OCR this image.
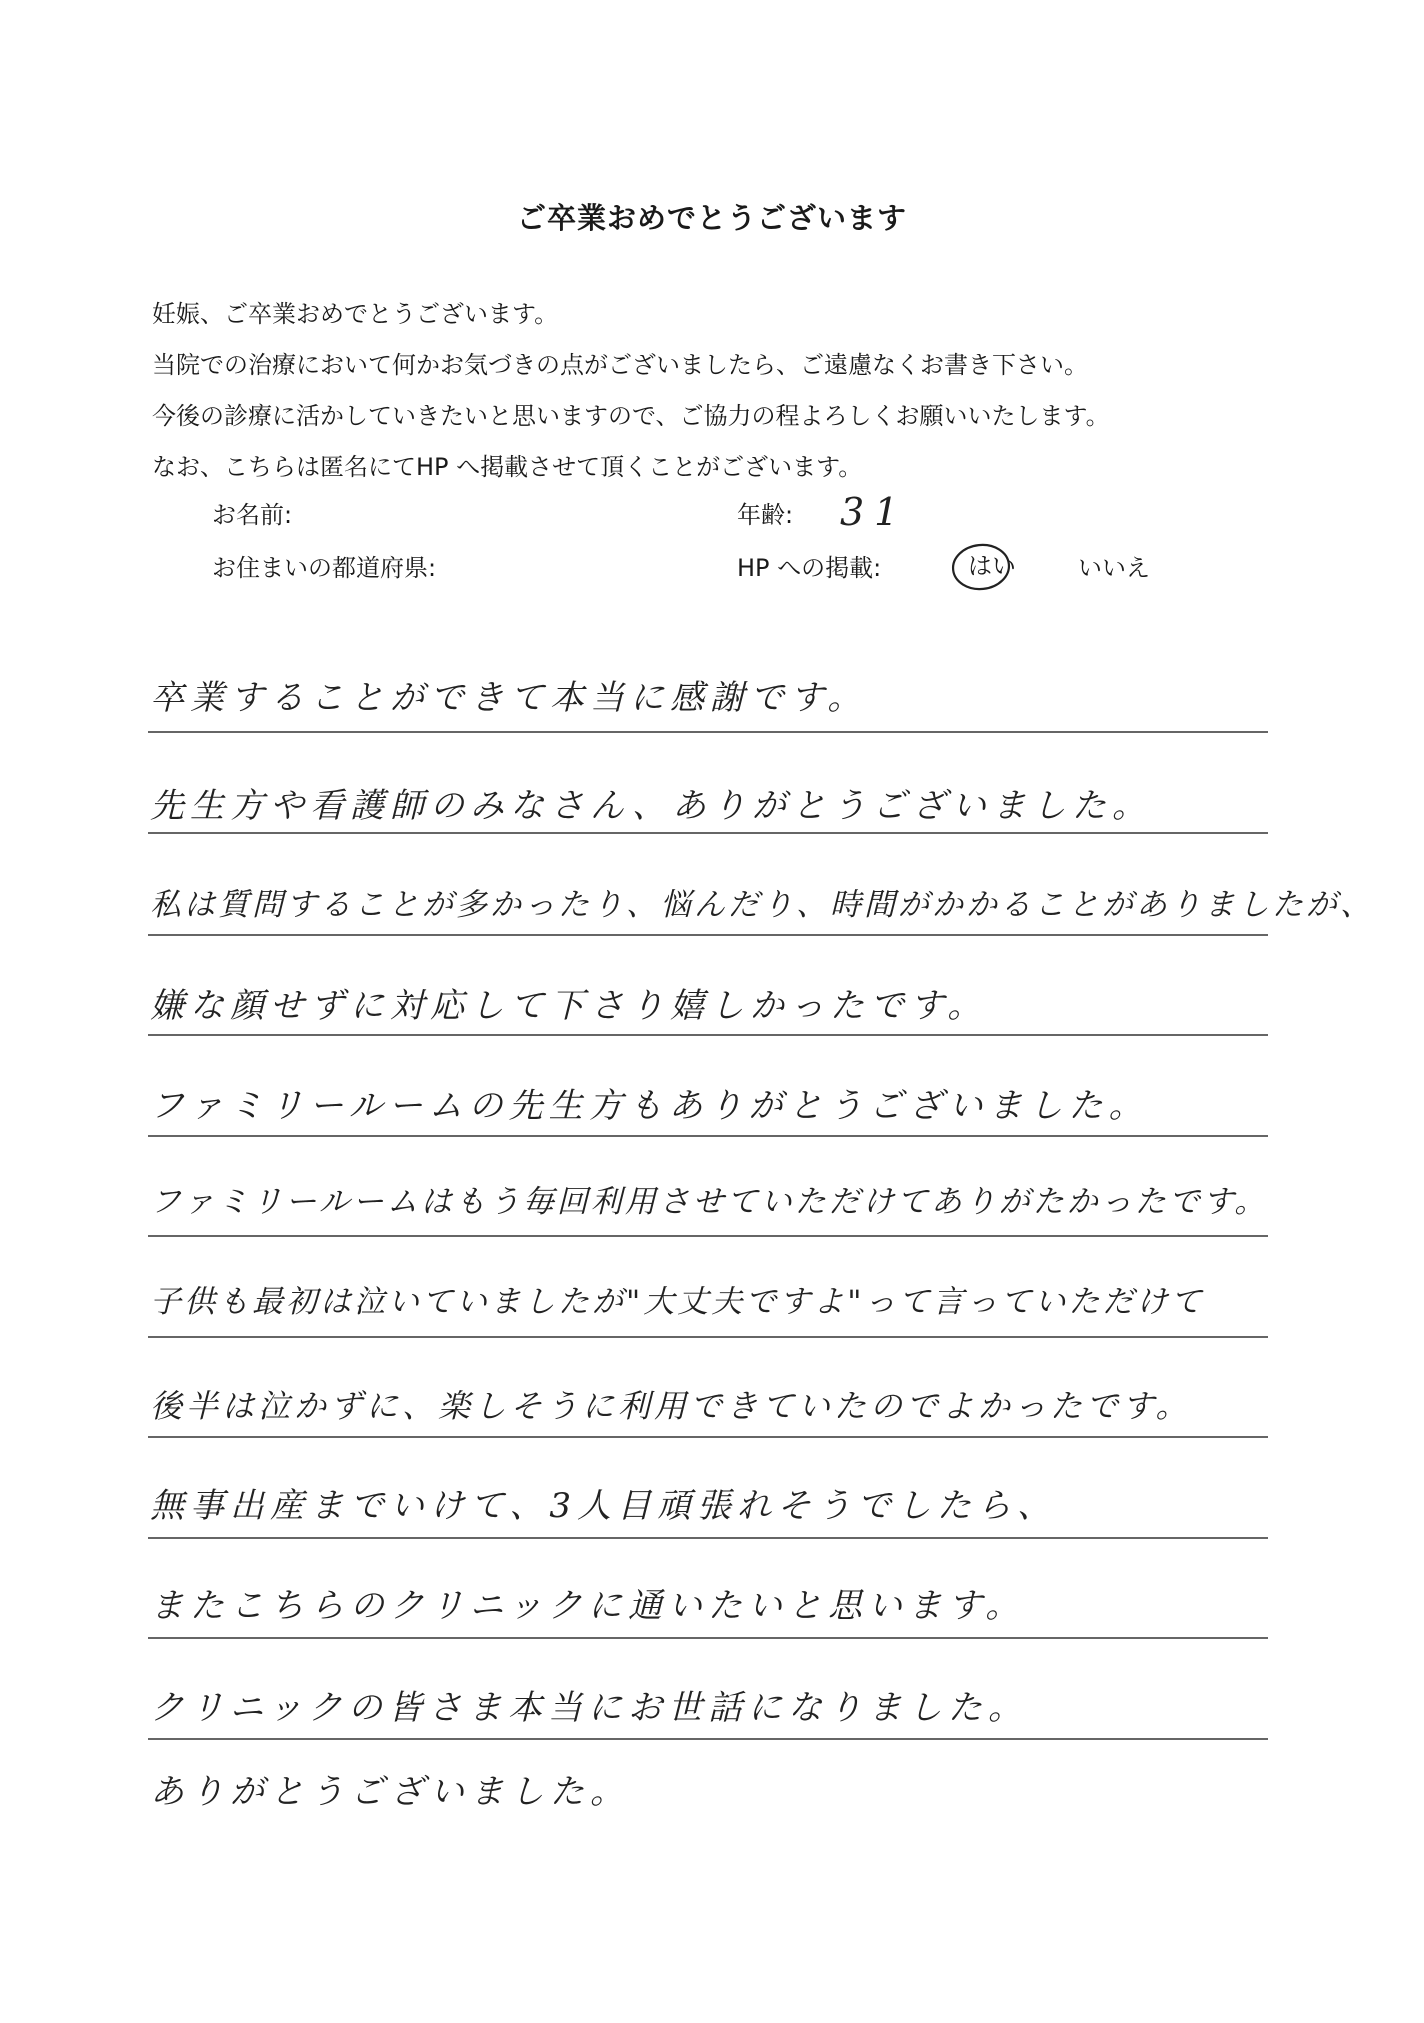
ご卒業おめでとうございます
妊娠、ご卒業おめでとうございます。
当院での治療において何かお気づきの点がございましたら、ご遠慮なくお書き下さい。
今後の診療に活かしていきたいと思いますので、ご協力の程よろしくお願いいたします。
なお、こちらは匿名にてHP へ掲載させて頂くことがございます。
お名前:
お住まいの都道府県:
年齢: 31
HP への掲載:	はい	いいえ
卒業することができて本当に感謝です。
先生方や看護師のみなさん、ありがとうございました。
私は質問することが多かったり、悩んだり、時間がかかることがありましたが、
嫌な顔せずに対応して下さり嬉しかったです。
ファミリールームの先生方もありがとうございました。
ファミリールームはもう毎回利用させていただけてありがたかったです。
子供も最初は泣いていましたが"大丈夫ですよ"って言っていただけて
後半は泣かずに、楽しそうに利用できていたのでよかったです。
無事出産までいけて、3人目頑張れそうでしたら、
またこちらのクリニックに通いたいと思います。
クリニックの皆さま本当にお世話になりました。
ありがとうございました。
